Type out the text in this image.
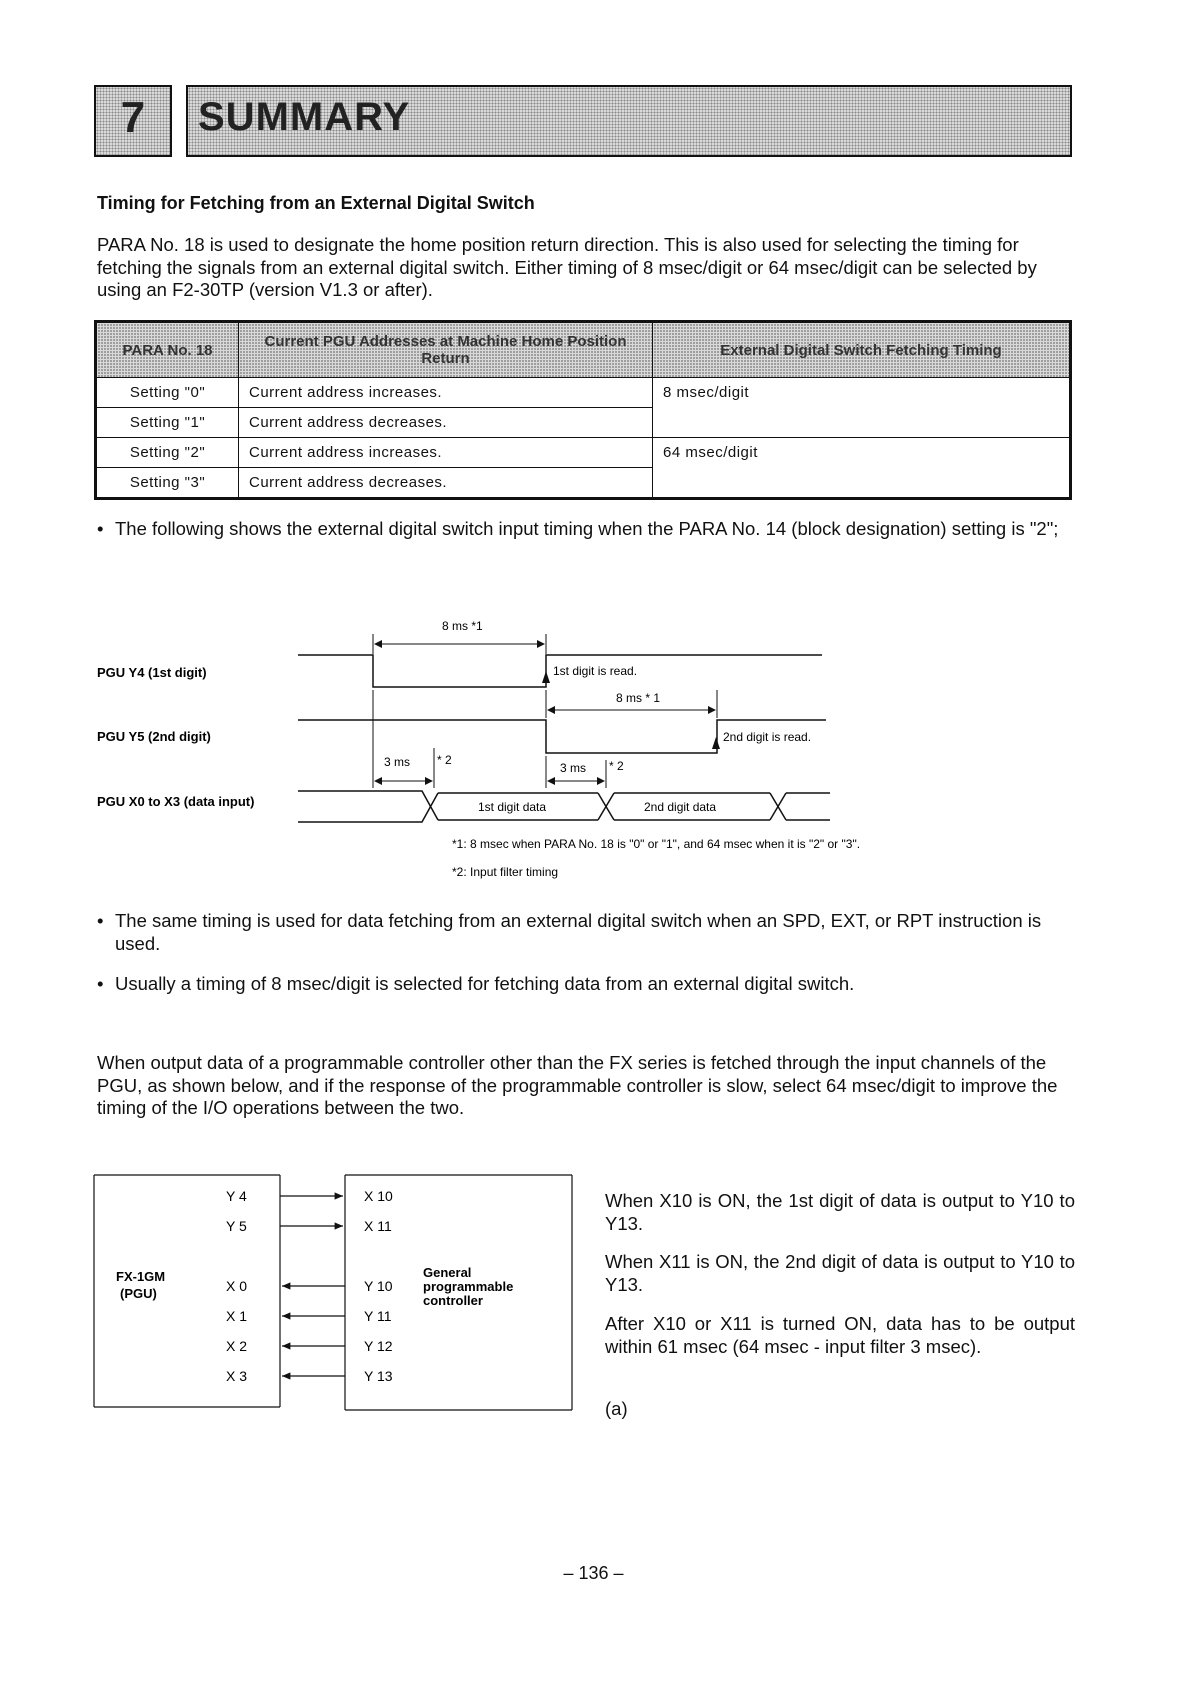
7	SUMMARY
Timing for Fetching from an External Digital Switch
PARA No. 18 is used to designate the home position return direction. This is also used for selecting the timing for fetching the signals from an external digital switch. Either timing of 8 msec/digit or 64 msec/digit can be selected by using an F2-30TP (version V1.3 or after).
PARA No. 18	Current PGU Addresses at Machine Home Position Return	External Digital Switch Fetching Timing
Setting "0"	Current address increases.	8 msec/digit
Setting "1"	Current address decreases.	
Setting "2"	Current address increases.	64 msec/digit
Setting "3"	Current address decreases.	
• The following shows the external digital switch input timing when the PARA No. 14 (block designation) setting is "2";
PGU Y4 (1st digit)
PGU Y5 (2nd digit)
PGU X0 to X3 (data input)
8 ms *1
1st digit is read.
8 ms * 1
2nd digit is read.
3 ms * 2
3 ms * 2
1st digit data	2nd digit data
*1: 8 msec when PARA No. 18 is "0" or "1", and 64 msec when it is "2" or "3".
*2: Input filter timing
• The same timing is used for data fetching from an external digital switch when an SPD, EXT, or RPT instruction is used.
• Usually a timing of 8 msec/digit is selected for fetching data from an external digital switch.
When output data of a programmable controller other than the FX series is fetched through the input channels of the PGU, as shown below, and if the response of the programmable controller is slow, select 64 msec/digit to improve the timing of the I/O operations between the two.
FX-1GM
(PGU)
General
programmable
controller
Y 4
Y 5
X 0
X 1
X 2
X 3
X 10
X 11
Y 10
Y 11
Y 12
Y 13
When X10 is ON, the 1st digit of data is output to Y10 to Y13.
When X11 is ON, the 2nd digit of data is output to Y10 to Y13.
After X10 or X11 is turned ON, data has to be output within 61 msec (64 msec - input filter 3 msec).
(a)
– 136 –
